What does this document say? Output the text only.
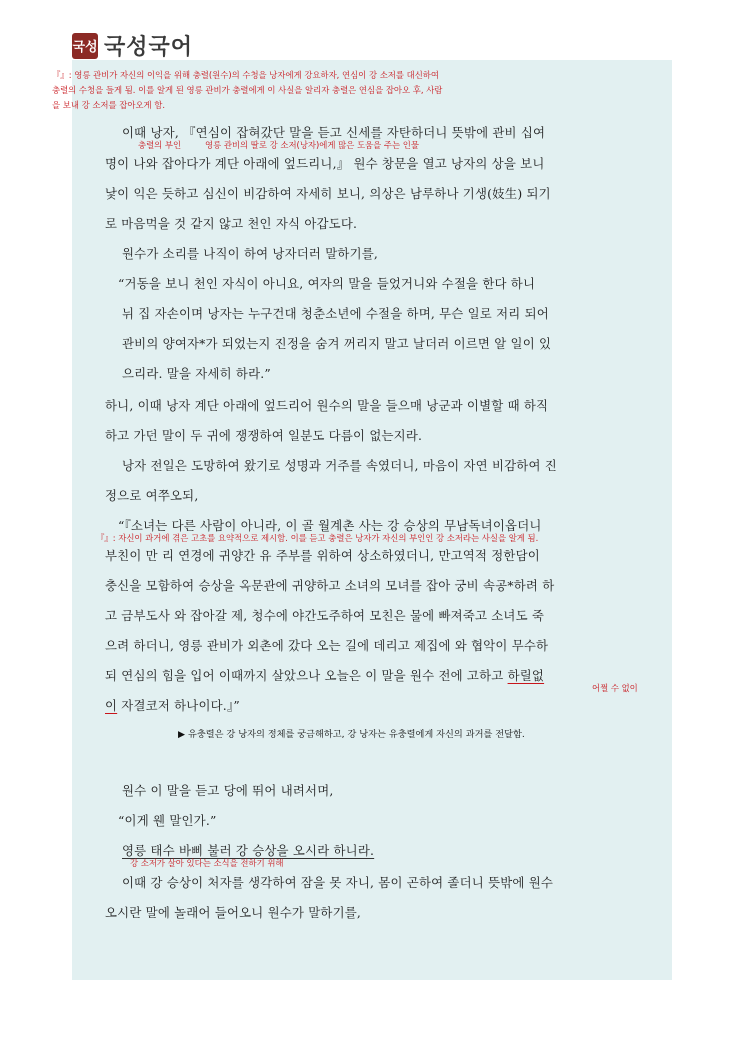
국성 국성국어
『』: 영릉 관비가 자신의 이익을 위해 충렬(원수)의 수청을 낭자에게 강요하자, 연심이 강 소저를 대신하여
충렬의 수청을 들게 됨. 이를 알게 된 영릉 관비가 충렬에게 이 사실을 알리자 충렬은 연심을 잡아오 후, 사람
을 보내 강 소저를 잡아오게 함.
이때 낭자, 『연심이 잡혀갔단 말을 듣고 신세를 자탄하더니 뜻밖에 관비 십여
충렬의 부인	영릉 관비의 딸로 강 소저(낭자)에게 많은 도움을 주는 인물
명이 나와 잡아다가 계단 아래에 엎드리니,』 원수 창문을 열고 낭자의 상을 보니
낯이 익은 듯하고 심신이 비감하여 자세히 보니, 의상은 남루하나 기생(妓生) 되기
로 마음먹을 것 같지 않고 천인 자식 아갑도다.
원수가 소리를 나직이 하여 낭자더러 말하기를,
“거동을 보니 천인 자식이 아니요, 여자의 말을 들었거니와 수절을 한다 하니
뉘 집 자손이며 낭자는 누구건대 청춘소년에 수절을 하며, 무슨 일로 저리 되어
관비의 양여자*가 되었는지 진정을 숨겨 꺼리지 말고 날더러 이르면 알 일이 있
으리라. 말을 자세히 하라.”
하니, 이때 낭자 계단 아래에 엎드리어 원수의 말을 들으매 낭군과 이별할 때 하직
하고 가던 말이 두 귀에 쟁쟁하여 일분도 다름이 없는지라.
낭자 전일은 도망하여 왔기로 성명과 거주를 속였더니, 마음이 자연 비감하여 진
정으로 여쭈오되,
“『소녀는 다른 사람이 아니라, 이 골 월계촌 사는 강 승상의 무남독녀이옵더니
『』: 자신이 과거에 겪은 고초를 요약적으로 제시함. 이를 듣고 충렬은 낭자가 자신의 부인인 강 소저라는 사실을 알게 됨.
부친이 만 리 연경에 귀양간 유 주부를 위하여 상소하였더니, 만고역적 정한담이
충신을 모함하여 승상을 옥문관에 귀양하고 소녀의 모녀를 잡아 궁비 속공*하려 하
고 금부도사 와 잡아갈 제, 청수에 야간도주하여 모친은 물에 빠져죽고 소녀도 죽
으려 하더니, 영릉 관비가 외촌에 갔다 오는 길에 데리고 제집에 와 협악이 무수하
되 연심의 힘을 입어 이때까지 살았으나 오늘은 이 말을 원수 전에 고하고 하릴없
어쩔 수 없이
이 자결코저 하나이다.』”
▶ 유충렬은 강 낭자의 정체를 궁금해하고, 강 낭자는 유충렬에게 자신의 과거를 전달함.
원수 이 말을 듣고 당에 뛰어 내려서며,
“이게 웬 말인가.”
영릉 태수 바삐 불러 강 승상을 오시라 하니라.
강 소저가 살아 있다는 소식을 전하기 위해
이때 강 승상이 처자를 생각하여 잠을 못 자니, 몸이 곤하여 졸더니 뜻밖에 원수
오시란 말에 놀래어 들어오니 원수가 말하기를,
